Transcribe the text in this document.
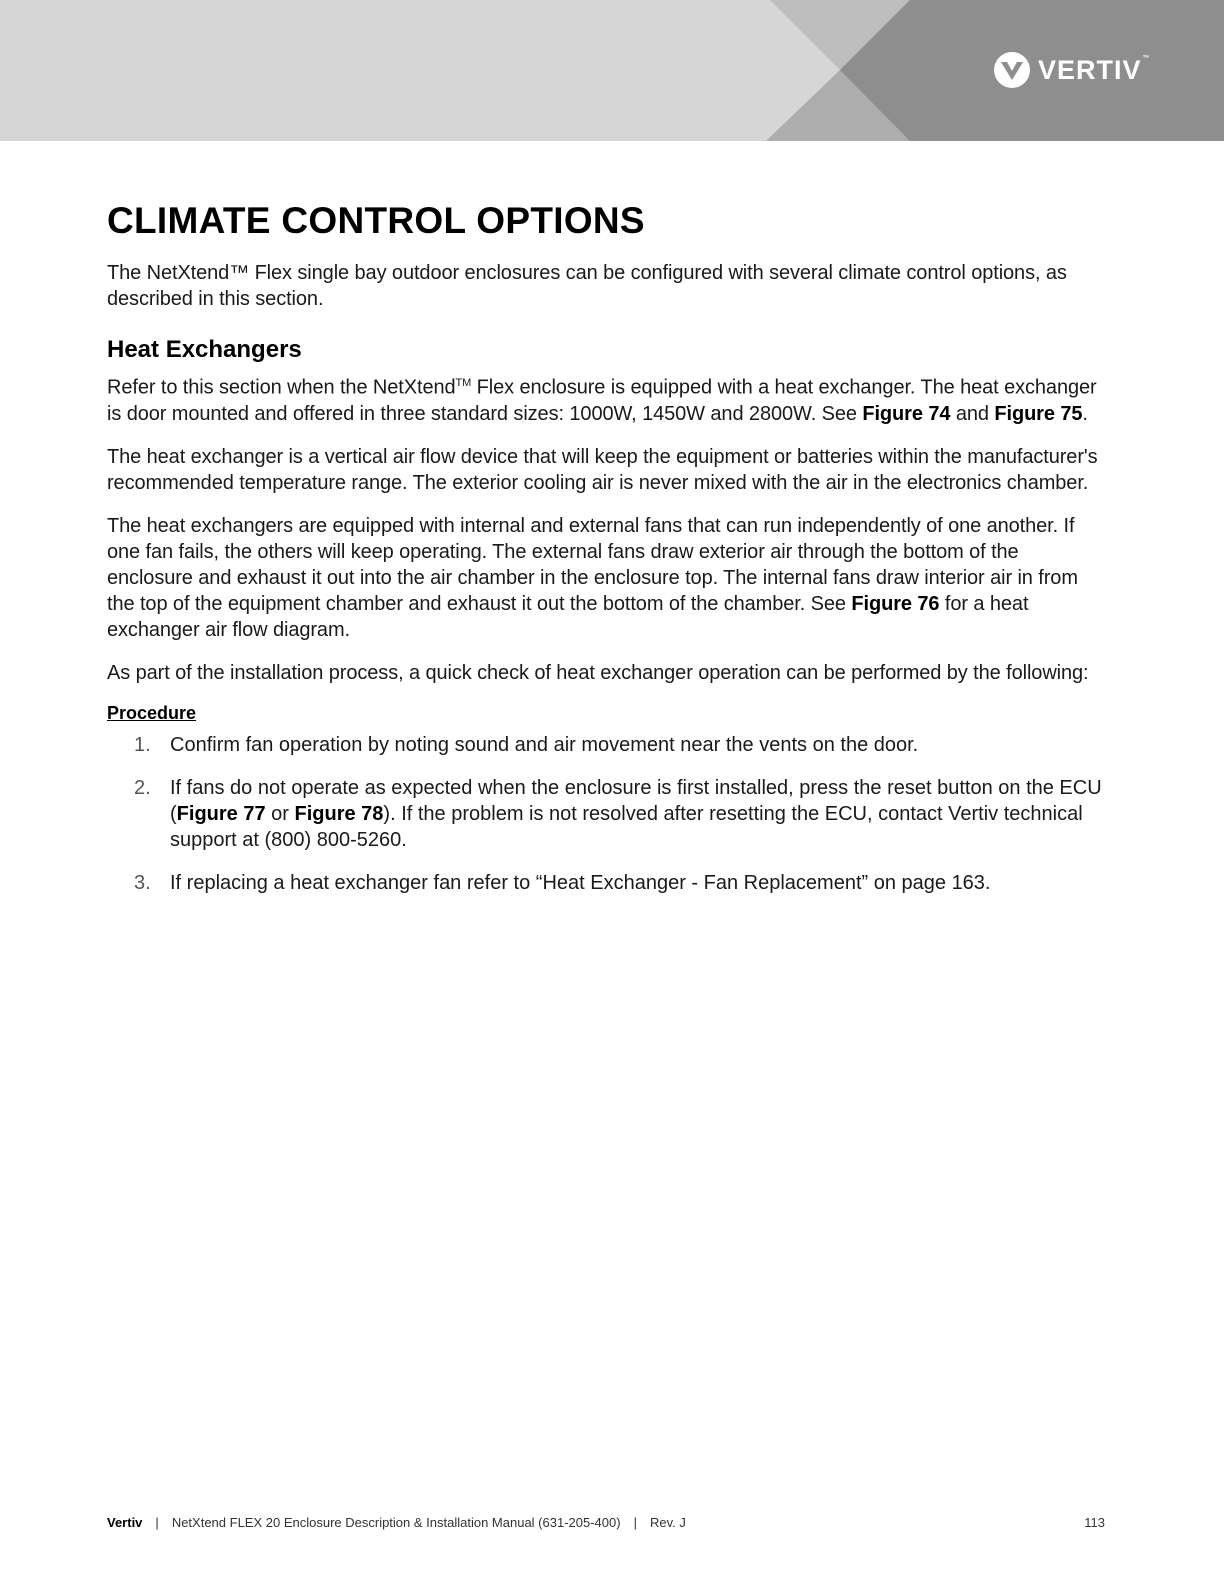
VERTIV™
CLIMATE CONTROL OPTIONS

The NetXtend™ Flex single bay outdoor enclosures can be configured with several climate control options, as described in this section.

Heat Exchangers

Refer to this section when the NetXtend™ Flex enclosure is equipped with a heat exchanger. The heat exchanger is door mounted and offered in three standard sizes: 1000W, 1450W and 2800W. See Figure 74 and Figure 75.

The heat exchanger is a vertical air flow device that will keep the equipment or batteries within the manufacturer's recommended temperature range. The exterior cooling air is never mixed with the air in the electronics chamber.

The heat exchangers are equipped with internal and external fans that can run independently of one another. If one fan fails, the others will keep operating. The external fans draw exterior air through the bottom of the enclosure and exhaust it out into the air chamber in the enclosure top. The internal fans draw interior air in from the top of the equipment chamber and exhaust it out the bottom of the chamber. See Figure 76 for a heat exchanger air flow diagram.

As part of the installation process, a quick check of heat exchanger operation can be performed by the following:

Procedure
1. Confirm fan operation by noting sound and air movement near the vents on the door.
2. If fans do not operate as expected when the enclosure is first installed, press the reset button on the ECU (Figure 77 or Figure 78). If the problem is not resolved after resetting the ECU, contact Vertiv technical support at (800) 800-5260.
3. If replacing a heat exchanger fan refer to “Heat Exchanger - Fan Replacement” on page 163.
Vertiv | NetXtend FLEX 20 Enclosure Description & Installation Manual (631-205-400) | Rev. J	113
